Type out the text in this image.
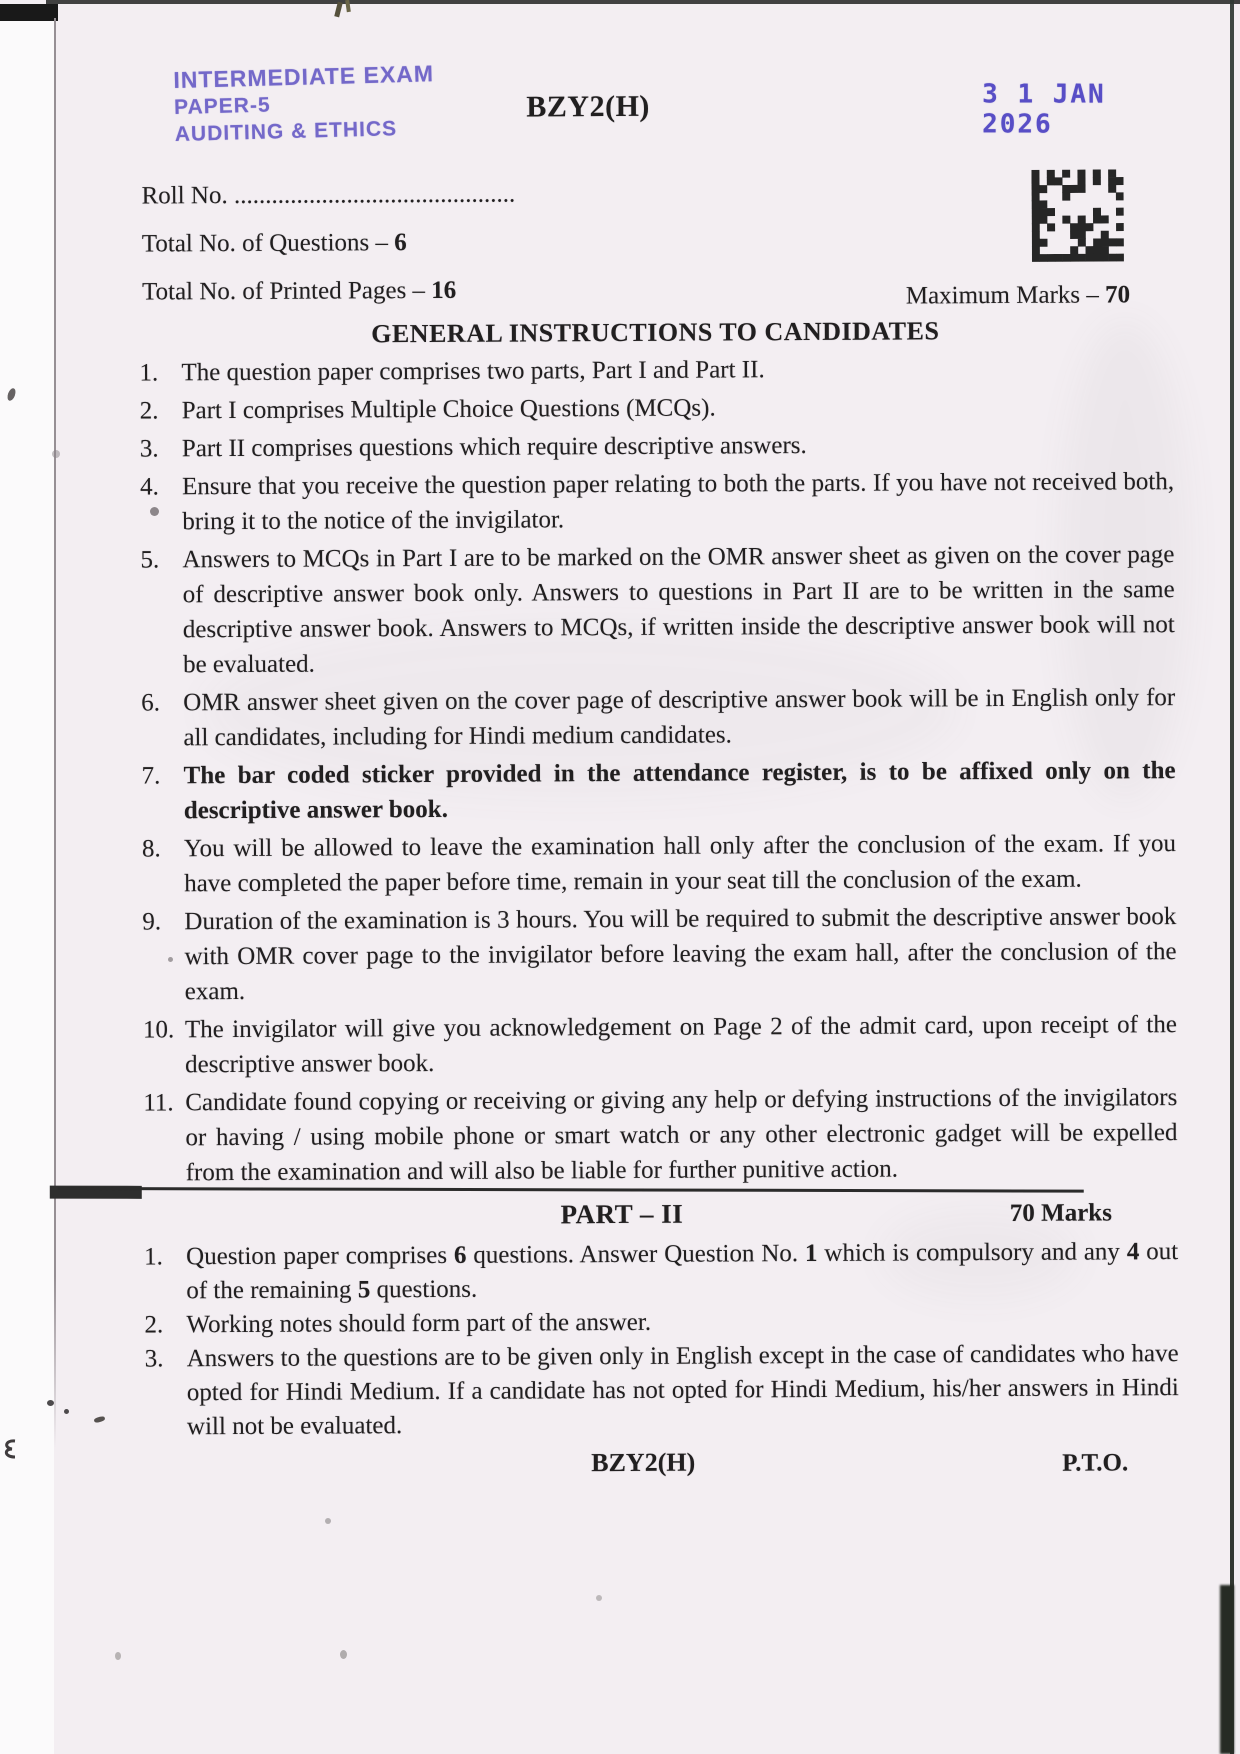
INTERMEDIATE EXAM
PAPER-5
AUDITING & ETHICS
BZY2(H)	3 1 JAN 2026
Roll No. .............................................
Total No. of Questions – 6
Total No. of Printed Pages – 16	Maximum Marks – 70
GENERAL INSTRUCTIONS TO CANDIDATES
1. The question paper comprises two parts, Part I and Part II.
2. Part I comprises Multiple Choice Questions (MCQs).
3. Part II comprises questions which require descriptive answers.
4. Ensure that you receive the question paper relating to both the parts. If you have not received both, bring it to the notice of the invigilator.
5. Answers to MCQs in Part I are to be marked on the OMR answer sheet as given on the cover page of descriptive answer book only. Answers to questions in Part II are to be written in the same descriptive answer book. Answers to MCQs, if written inside the descriptive answer book will not be evaluated.
6. OMR answer sheet given on the cover page of descriptive answer book will be in English only for all candidates, including for Hindi medium candidates.
7. The bar coded sticker provided in the attendance register, is to be affixed only on the descriptive answer book.
8. You will be allowed to leave the examination hall only after the conclusion of the exam. If you have completed the paper before time, remain in your seat till the conclusion of the exam.
9. Duration of the examination is 3 hours. You will be required to submit the descriptive answer book with OMR cover page to the invigilator before leaving the exam hall, after the conclusion of the exam.
10. The invigilator will give you acknowledgement on Page 2 of the admit card, upon receipt of the descriptive answer book.
11. Candidate found copying or receiving or giving any help or defying instructions of the invigilators or having / using mobile phone or smart watch or any other electronic gadget will be expelled from the examination and will also be liable for further punitive action.
PART – II	70 Marks
1. Question paper comprises 6 questions. Answer Question No. 1 which is compulsory and any 4 out of the remaining 5 questions.
2. Working notes should form part of the answer.
3. Answers to the questions are to be given only in English except in the case of candidates who have opted for Hindi Medium. If a candidate has not opted for Hindi Medium, his/her answers in Hindi will not be evaluated.
BZY2(H)	P.T.O.
